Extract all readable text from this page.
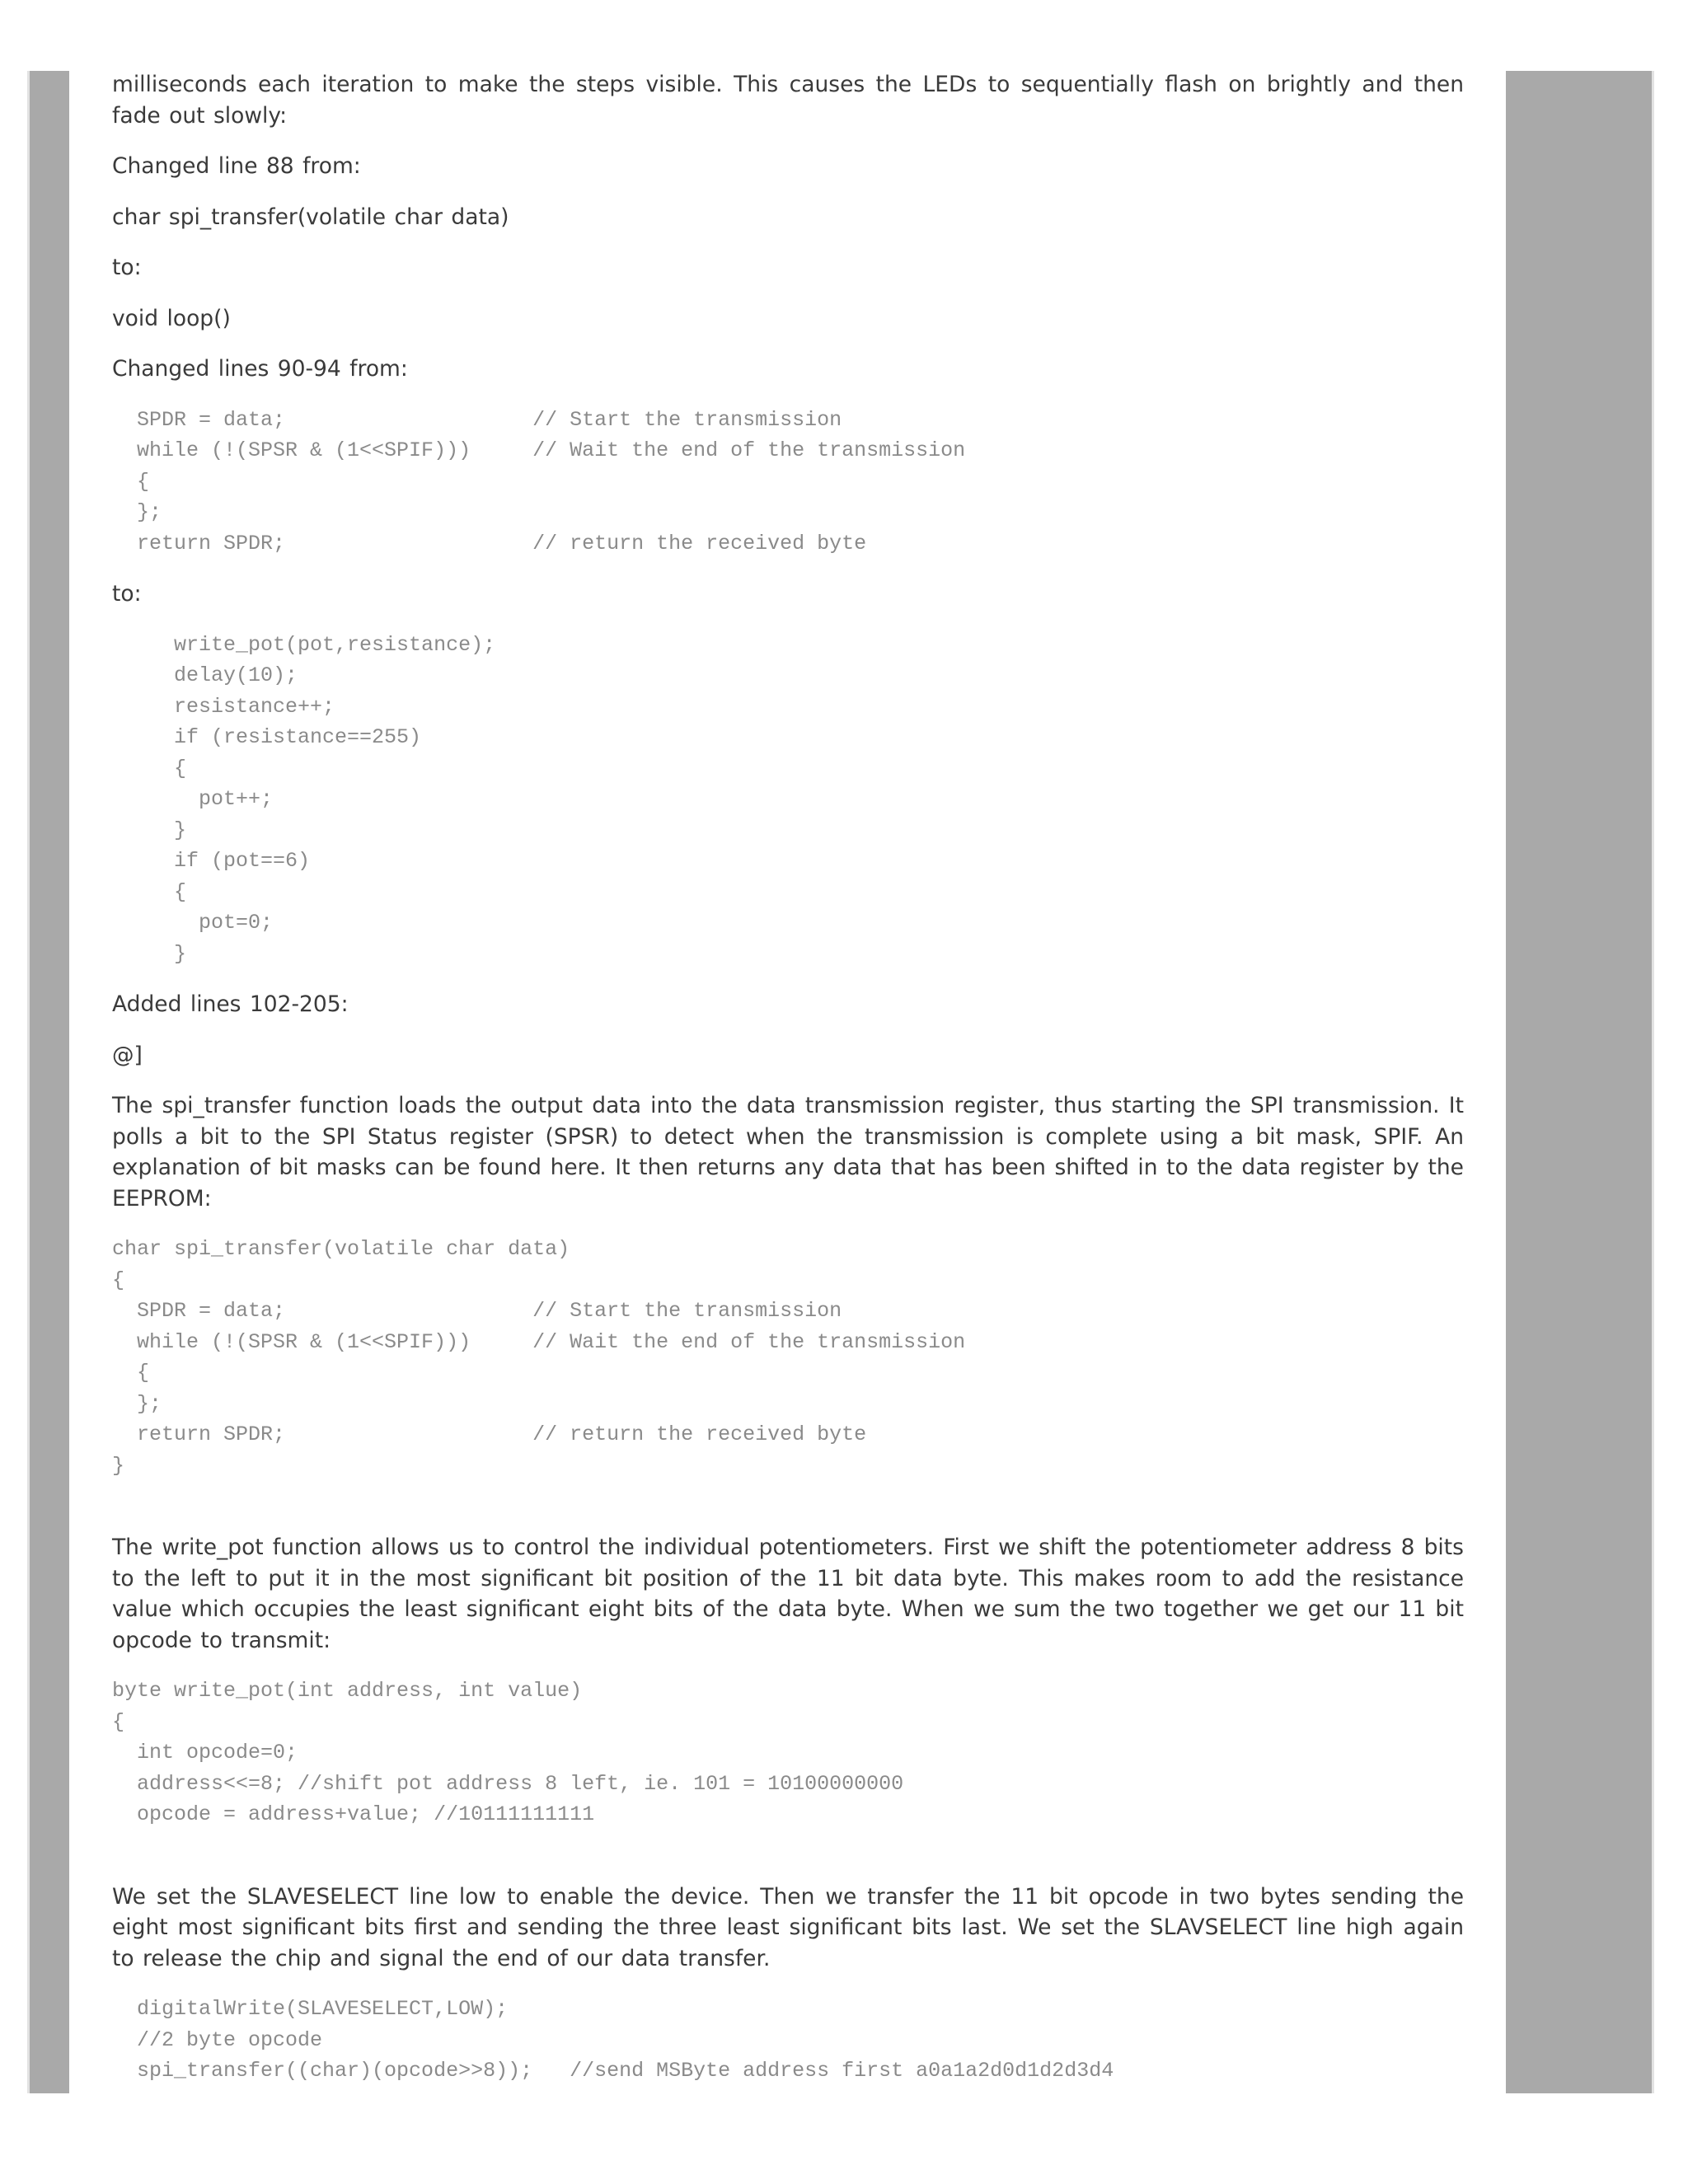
milliseconds each iteration to make the steps visible. This causes the LEDs to sequentially flash on brightly and then fade out slowly:

Changed line 88 from:

char spi_transfer(volatile char data)

to:

void loop()

Changed lines 90-94 from:

SPDR = data;                    // Start the transmission
while (!(SPSR & (1<<SPIF)))     // Wait the end of the transmission
{
};
return SPDR;                    // return the received byte

to:

write_pot(pot,resistance);
delay(10);
resistance++;
if (resistance==255)
{
pot++;
}
if (pot==6)
{
pot=0;
}

Added lines 102-205:

@]

The spi_transfer function loads the output data into the data transmission register, thus starting the SPI transmission. It polls a bit to the SPI Status register (SPSR) to detect when the transmission is complete using a bit mask, SPIF. An explanation of bit masks can be found here. It then returns any data that has been shifted in to the data register by the EEPROM:

char spi_transfer(volatile char data)
{
SPDR = data;                    // Start the transmission
while (!(SPSR & (1<<SPIF)))     // Wait the end of the transmission
{
};
return SPDR;                    // return the received byte
}

The write_pot function allows us to control the individual potentiometers. First we shift the potentiometer address 8 bits to the left to put it in the most significant bit position of the 11 bit data byte. This makes room to add the resistance value which occupies the least significant eight bits of the data byte. When we sum the two together we get our 11 bit opcode to transmit:

byte write_pot(int address, int value)
{
int opcode=0;
address<<=8; //shift pot address 8 left, ie. 101 = 10100000000
opcode = address+value; //10111111111

We set the SLAVESELECT line low to enable the device. Then we transfer the 11 bit opcode in two bytes sending the eight most significant bits first and sending the three least significant bits last. We set the SLAVSELECT line high again to release the chip and signal the end of our data transfer.

digitalWrite(SLAVESELECT,LOW);
//2 byte opcode
spi_transfer((char)(opcode>>8));   //send MSByte address first a0a1a2d0d1d2d3d4
